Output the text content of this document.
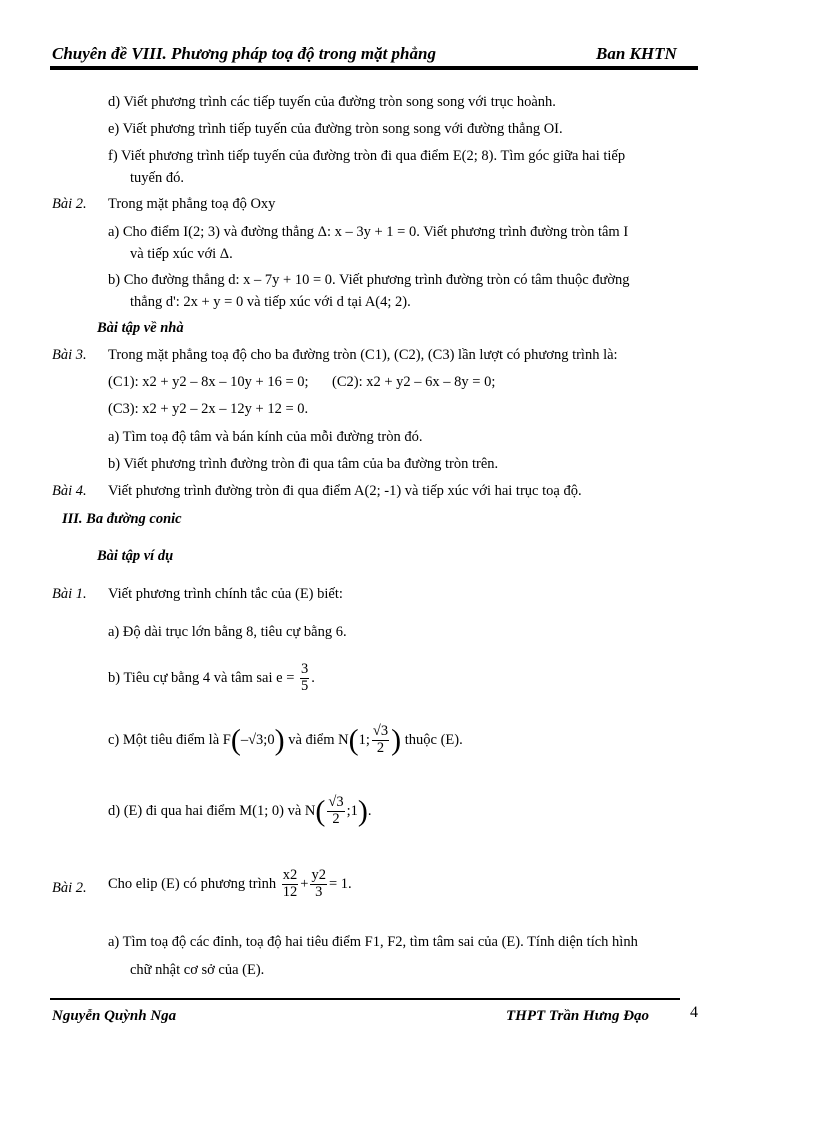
Chuyên đề VIII. Phương pháp toạ độ trong mặt phẳng	Ban KHTN
d) Viết phương trình các tiếp tuyến của đường tròn song song với trục hoành.
e) Viết phương trình tiếp tuyến của đường tròn song song với đường thẳng OI.
f) Viết phương trình tiếp tuyến của đường tròn đi qua điểm E(2; 8). Tìm góc giữa hai tiếp
tuyến đó.
Bài 2. Trong mặt phẳng toạ độ Oxy
a) Cho điểm I(2; 3) và đường thẳng Δ: x – 3y + 1 = 0. Viết phương trình đường tròn tâm I
và tiếp xúc với Δ.
b) Cho đường thẳng d: x – 7y + 10 = 0. Viết phương trình đường tròn có tâm thuộc đường
thẳng d': 2x + y = 0 và tiếp xúc với d tại A(4; 2).
Bài tập về nhà
Bài 3. Trong mặt phẳng toạ độ cho ba đường tròn (C1), (C2), (C3) lần lượt có phương trình là:
(C1): x2 + y2 – 8x – 10y + 16 = 0; (C2): x2 + y2 – 6x – 8y = 0;
(C3): x2 + y2 – 2x – 12y + 12 = 0.
a) Tìm toạ độ tâm và bán kính của mỗi đường tròn đó.
b) Viết phương trình đường tròn đi qua tâm của ba đường tròn trên.
Bài 4. Viết phương trình đường tròn đi qua điểm A(2; -1) và tiếp xúc với hai trục toạ độ.
III. Ba đường conic
Bài tập ví dụ
Bài 1. Viết phương trình chính tắc của (E) biết:
a) Độ dài trục lớn bằng 8, tiêu cự bằng 6.
b) Tiêu cự bằng 4 và tâm sai $e = \frac{3}{5}$ .
c) Một tiêu điểm là F(–√3;0) và điểm N(1; $\frac{√3}{2}$ ) thuộc (E).
d) (E) đi qua hai điểm M(1; 0) và $N( \frac{√3}{2}$ ;1).
Bài 2. Cho elip (E) có phương trình $\frac{x2}{12} + \frac{y2}{3} = 1$.
a) Tìm toạ độ các đỉnh, toạ độ hai tiêu điểm F1, F2, tìm tâm sai của (E). Tính diện tích hình
chữ nhật cơ sở của (E).
Nguyễn Quỳnh Nga	THPT Trần Hưng Đạo	4
